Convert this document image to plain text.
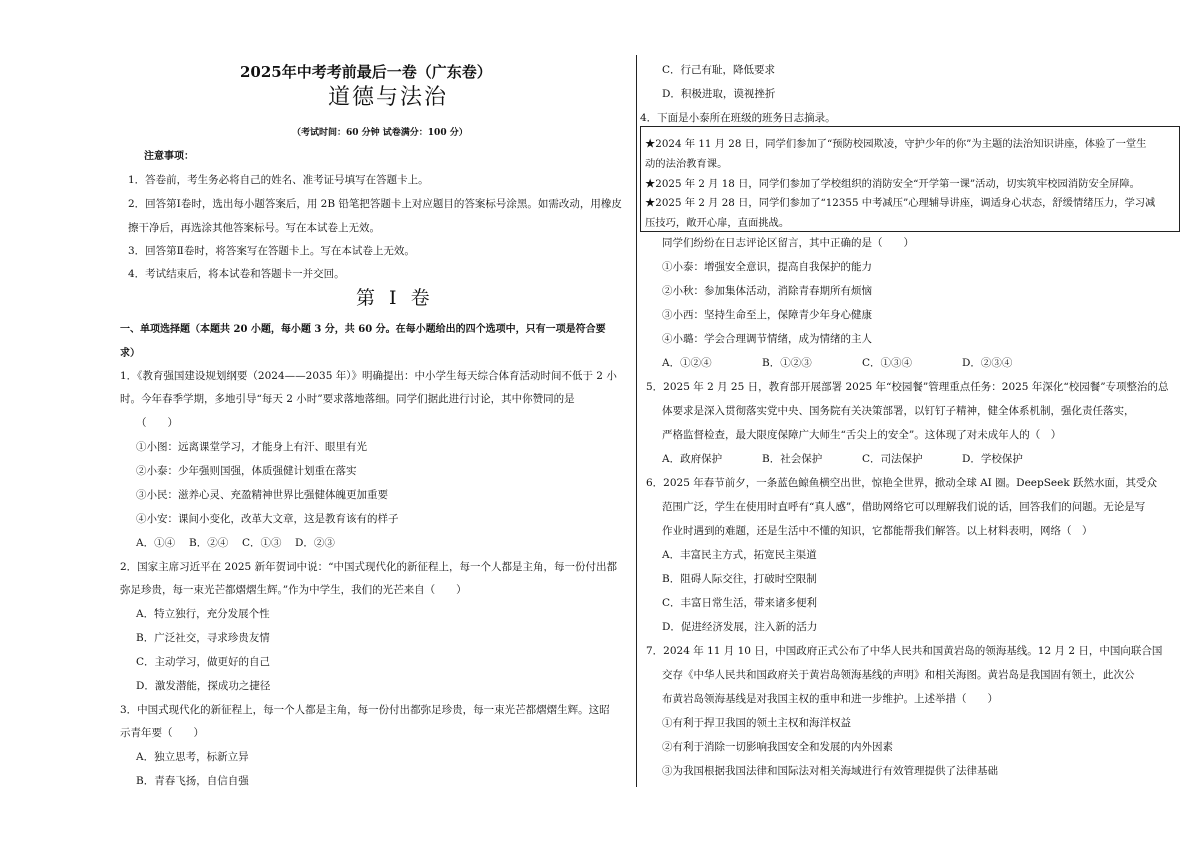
2025年中考考前最后一卷（广东卷）
道德与法治
（考试时间：60 分钟 试卷满分：100 分）
注意事项：
1．答卷前，考生务必将自己的姓名、准考证号填写在答题卡上。
2．回答第Ⅰ卷时，选出每小题答案后，用 2B 铅笔把答题卡上对应题目的答案标号涂黑。如需改动，用橡皮
擦干净后，再选涂其他答案标号。写在本试卷上无效。
3．回答第Ⅱ卷时，将答案写在答题卡上。写在本试卷上无效。
4．考试结束后，将本试卷和答题卡一并交回。
第 I 卷
一、单项选择题（本题共 20 小题，每小题 3 分，共 60 分。在每小题给出的四个选项中，只有一项是符合要
求）
1．《教育强国建设规划纲要（2024——2035 年）》明确提出：中小学生每天综合体育活动时间不低于 2 小
时。今年春季学期，多地引导“每天 2 小时”要求落地落细。同学们据此进行讨论，其中你赞同的是
（　　）
①小图：远离课堂学习，才能身上有汗、眼里有光
②小泰：少年强则国强，体质强健计划重在落实
③小民：滋养心灵、充盈精神世界比强健体魄更加重要
④小安：课间小变化，改革大文章，这是教育该有的样子
A．①④ B．②④ C．①③ D．②③
2．国家主席习近平在 2025 新年贺词中说：“中国式现代化的新征程上，每一个人都是主角，每一份付出都
弥足珍贵，每一束光芒都熠熠生辉。”作为中学生，我们的光芒来自（　　）
A．特立独行，充分发展个性
B．广泛社交，寻求珍贵友情
C．主动学习，做更好的自己
D．激发潜能，探成功之捷径
3．中国式现代化的新征程上，每一个人都是主角，每一份付出都弥足珍贵，每一束光芒都熠熠生辉。这昭
示青年要（　　）
A．独立思考，标新立异
B．青春飞扬，自信自强
C．行己有耻，降低要求
D．积极进取，谟视挫折
4．下面是小泰所在班级的班务日志摘录。
同学们纷纷在日志评论区留言，其中正确的是（　　）
①小泰：增强安全意识，提高自我保护的能力
②小秋：参加集体活动，消除青春期所有烦恼
③小西：坚持生命至上，保障青少年身心健康
④小璐：学会合理调节情绪，成为情绪的主人
A．①②④	B．①②③	C．①③④	D．②③④
5．2025 年 2 月 25 日，教育部开展部署 2025 年“校园餐”管理重点任务：2025 年深化“校园餐”专项整治的总
体要求是深入贯彻落实党中央、国务院有关决策部署，以钉钉子精神，健全体系机制，强化责任落实，
严格监督检查，最大限度保障广大师生“舌尖上的安全”。这体现了对未成年人的（　）
A．政府保护	B．社会保护	C．司法保护	D．学校保护
6．2025 年春节前夕，一条蓝色鲸鱼横空出世，惊艳全世界，掀动全球 AI 圈。DeepSeek 跃然水面，其受众
范围广泛，学生在使用时直呼有“真人感”，借助网络它可以理解我们说的话，回答我们的问题。无论是写
作业时遇到的难题，还是生活中不懂的知识，它都能帮我们解答。以上材料表明，网络（　）
A．丰富民主方式，拓宽民主渠道
B．阻碍人际交往，打破时空限制
C．丰富日常生活，带来诸多便利
D．促进经济发展，注入新的活力
7．2024 年 11 月 10 日，中国政府正式公布了中华人民共和国黄岩岛的领海基线。12 月 2 日，中国向联合国
交存《中华人民共和国政府关于黄岩岛领海基线的声明》和相关海图。黄岩岛是我国固有领土，此次公
布黄岩岛领海基线是对我国主权的重申和进一步维护。上述举措（　　）
①有利于捍卫我国的领土主权和海洋权益
②有利于消除一切影响我国安全和发展的内外因素
③为我国根据我国法律和国际法对相关海域进行有效管理提供了法律基础
★2024 年 11 月 28 日，同学们参加了“预防校园欺凌，守护少年的你”为主题的法治知识讲座，体验了一堂生
动的法治教育课。
★2025 年 2 月 18 日，同学们参加了学校组织的消防安全“开学第一课”活动，切实筑牢校园消防安全屏障。
★2025 年 2 月 28 日，同学们参加了“12355 中考减压”心理辅导讲座，调适身心状态，舒缓情绪压力，学习减
压技巧，敞开心扉，直面挑战。
